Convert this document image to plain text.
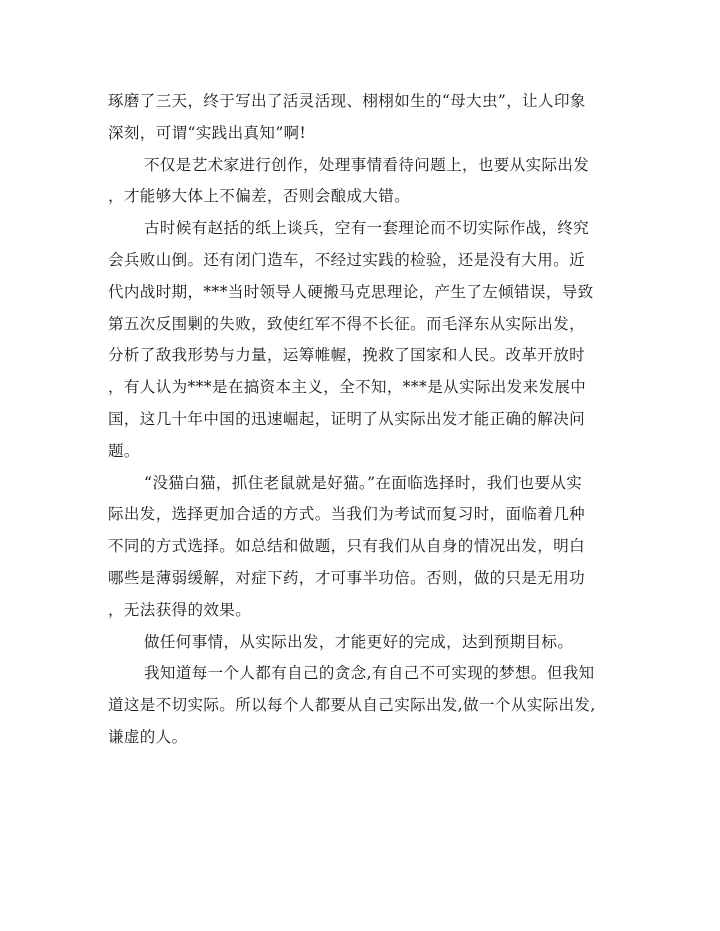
琢磨了三天，终于写出了活灵活现、栩栩如生的“母大虫”，让人印象
深刻，可谓“实践出真知”啊!

不仅是艺术家进行创作，处理事情看待问题上，也要从实际出发
，才能够大体上不偏差，否则会酿成大错。

古时候有赵括的纸上谈兵，空有一套理论而不切实际作战，终究
会兵败山倒。还有闭门造车，不经过实践的检验，还是没有大用。近
代内战时期，***当时领导人硬搬马克思理论，产生了左倾错误，导致
第五次反围剿的失败，致使红军不得不长征。而毛泽东从实际出发，
分析了敌我形势与力量，运筹帷幄，挽救了国家和人民。改革开放时
，有人认为***是在搞资本主义，全不知，***是从实际出发来发展中
国，这几十年中国的迅速崛起，证明了从实际出发才能正确的解决问
题。

“没猫白猫，抓住老鼠就是好猫。”在面临选择时，我们也要从实
际出发，选择更加合适的方式。当我们为考试而复习时，面临着几种
不同的方式选择。如总结和做题，只有我们从自身的情况出发，明白
哪些是薄弱缓解，对症下药，才可事半功倍。否则，做的只是无用功
，无法获得的效果。

做任何事情，从实际出发，才能更好的完成，达到预期目标。

我知道每一个人都有自己的贪念,有自己不可实现的梦想。但我知
道这是不切实际。所以每个人都要从自己实际出发,做一个从实际出发,
谦虚的人。
